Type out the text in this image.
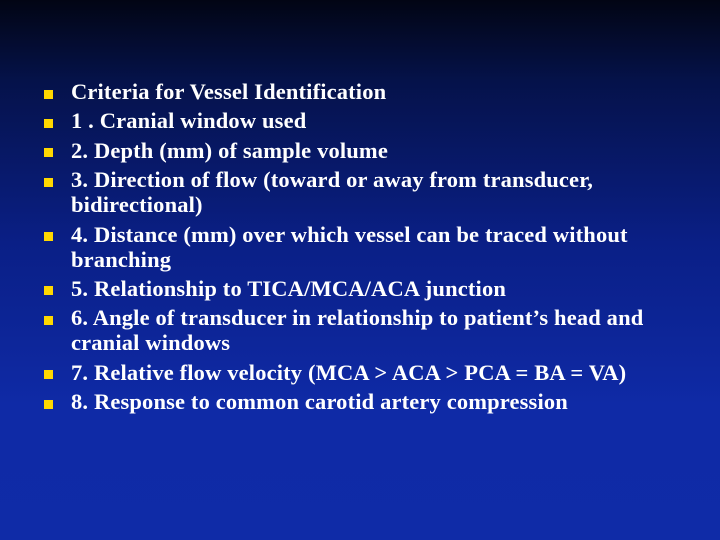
Criteria for Vessel Identification
1 . Cranial window used
2. Depth (mm) of sample volume
3. Direction of flow (toward or away from transducer, bidirectional)
4. Distance (mm) over which vessel can be traced without branching
5. Relationship to TICA/MCA/ACA junction
6. Angle of transducer in relationship to patient’s head and cranial windows
7. Relative flow velocity (MCA > ACA > PCA = BA = VA)
8. Response to common carotid artery compression
